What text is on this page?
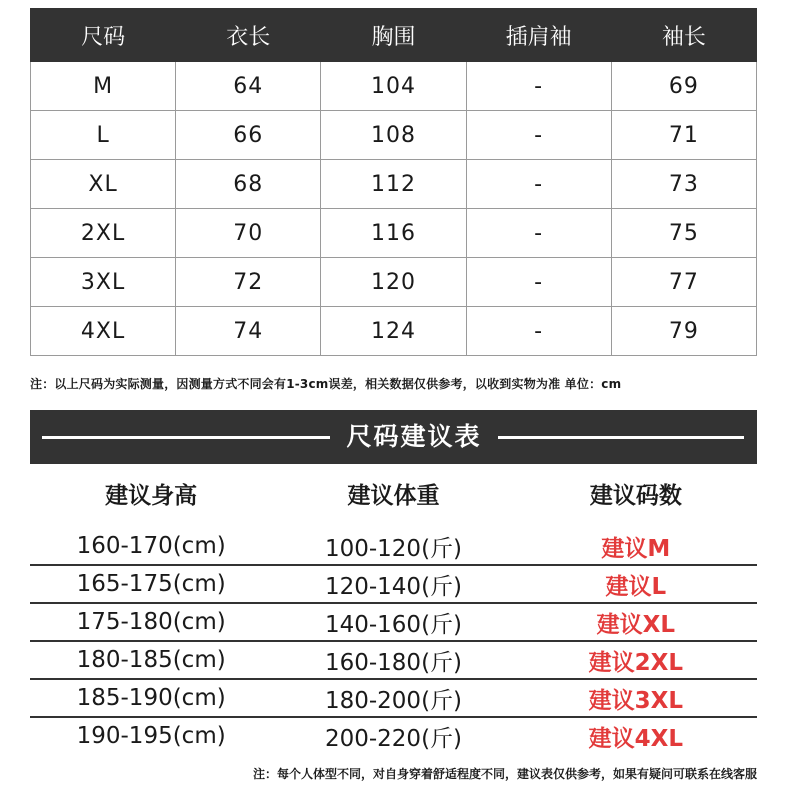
尺码	衣长	胸围	插肩袖	袖长
M	64	104	-	69
L	66	108	-	71
XL	68	112	-	73
2XL	70	116	-	75
3XL	72	120	-	77
4XL	74	124	-	79
注：以上尺码为实际测量，因测量方式不同会有1-3cm误差，相关数据仅供参考，以收到实物为准 单位：cm
尺码建议表
建议身高	建议体重	建议码数
160-170(cm)	100-120(斤)	建议M
165-175(cm)	120-140(斤)	建议L
175-180(cm)	140-160(斤)	建议XL
180-185(cm)	160-180(斤)	建议2XL
185-190(cm)	180-200(斤)	建议3XL
190-195(cm)	200-220(斤)	建议4XL
注：每个人体型不同，对自身穿着舒适程度不同，建议表仅供参考，如果有疑问可联系在线客服
